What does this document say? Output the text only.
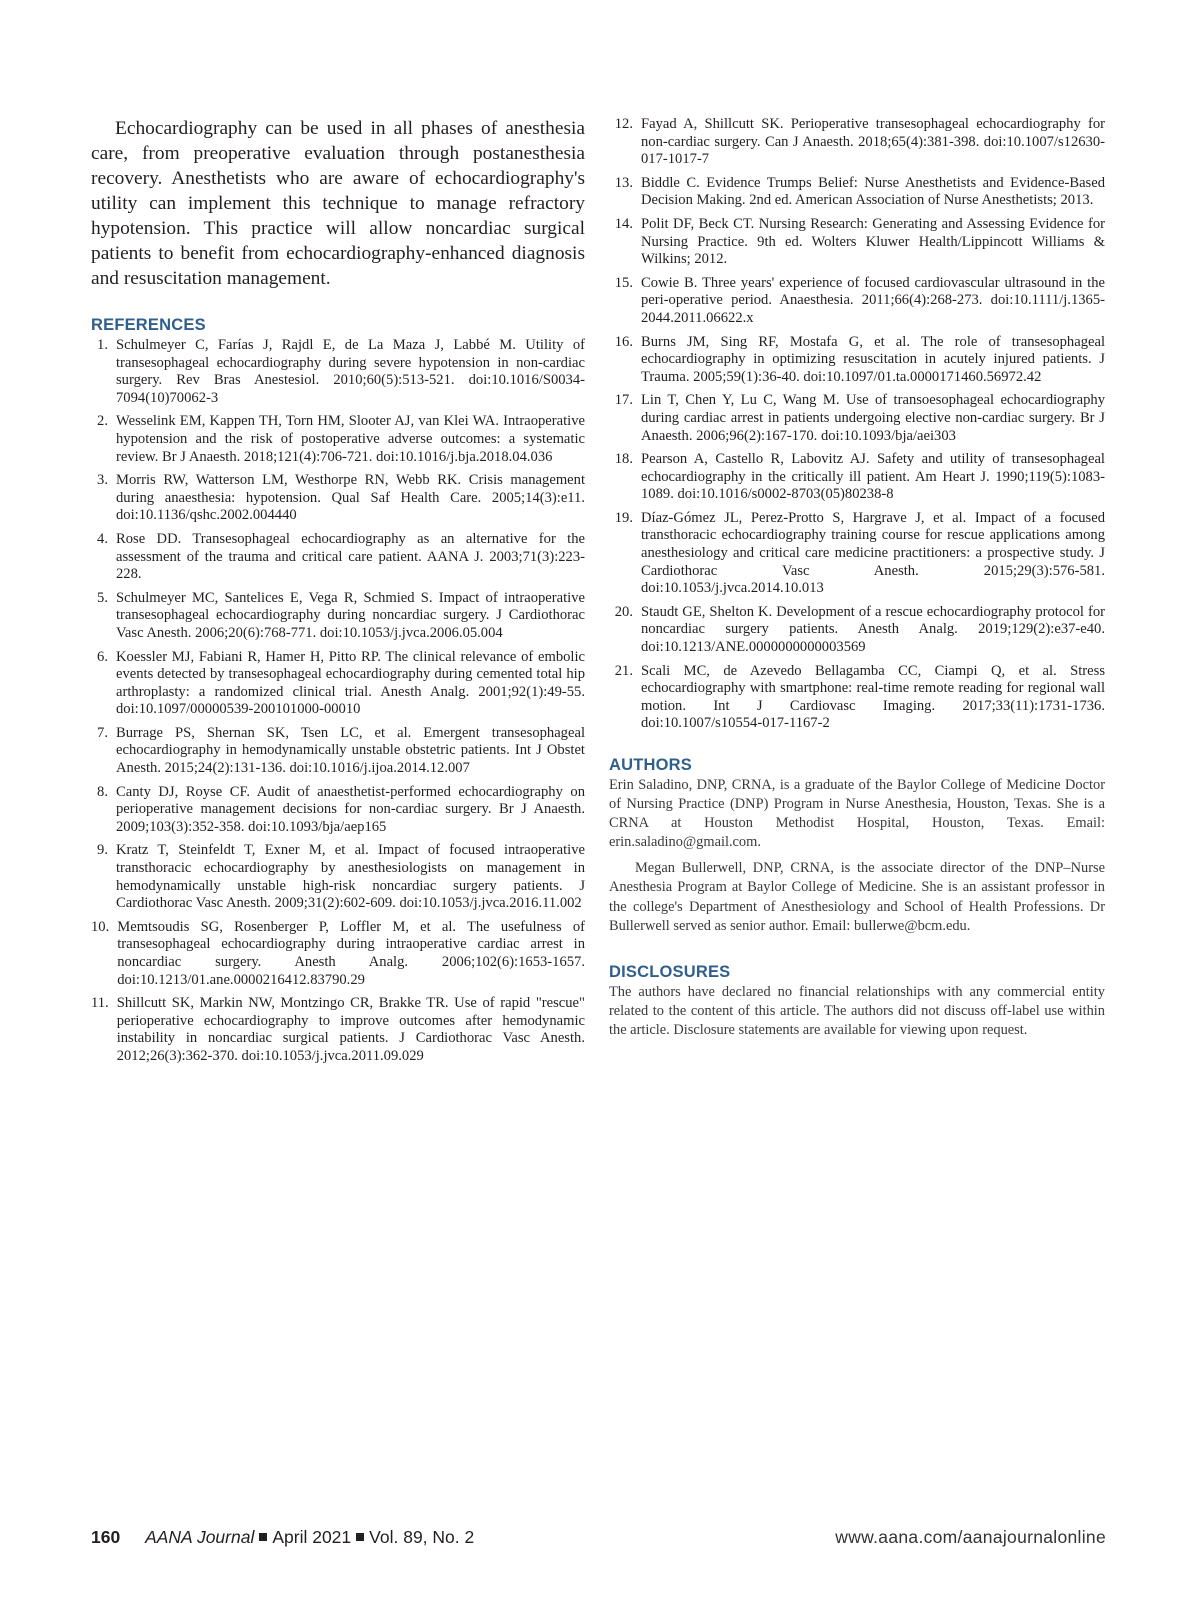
Echocardiography can be used in all phases of anesthesia care, from preoperative evaluation through postanesthesia recovery. Anesthetists who are aware of echocardiography's utility can implement this technique to manage refractory hypotension. This practice will allow noncardiac surgical patients to benefit from echocardiography-enhanced diagnosis and resuscitation management.

REFERENCES
1. Schulmeyer C, Farías J, Rajdl E, de La Maza J, Labbé M. Utility of transesophageal echocardiography during severe hypotension in non-cardiac surgery. Rev Bras Anestesiol. 2010;60(5):513-521. doi:10.1016/S0034-7094(10)70062-3
2. Wesselink EM, Kappen TH, Torn HM, Slooter AJ, van Klei WA. Intraoperative hypotension and the risk of postoperative adverse outcomes: a systematic review. Br J Anaesth. 2018;121(4):706-721. doi:10.1016/j.bja.2018.04.036
3. Morris RW, Watterson LM, Westhorpe RN, Webb RK. Crisis management during anaesthesia: hypotension. Qual Saf Health Care. 2005;14(3):e11. doi:10.1136/qshc.2002.004440
4. Rose DD. Transesophageal echocardiography as an alternative for the assessment of the trauma and critical care patient. AANA J. 2003;71(3):223-228.
5. Schulmeyer MC, Santelices E, Vega R, Schmied S. Impact of intraoperative transesophageal echocardiography during noncardiac surgery. J Cardiothorac Vasc Anesth. 2006;20(6):768-771. doi:10.1053/j.jvca.2006.05.004
6. Koessler MJ, Fabiani R, Hamer H, Pitto RP. The clinical relevance of embolic events detected by transesophageal echocardiography during cemented total hip arthroplasty: a randomized clinical trial. Anesth Analg. 2001;92(1):49-55. doi:10.1097/00000539-200101000-00010
7. Burrage PS, Shernan SK, Tsen LC, et al. Emergent transesophageal echocardiography in hemodynamically unstable obstetric patients. Int J Obstet Anesth. 2015;24(2):131-136. doi:10.1016/j.ijoa.2014.12.007
8. Canty DJ, Royse CF. Audit of anaesthetist-performed echocardiography on perioperative management decisions for non-cardiac surgery. Br J Anaesth. 2009;103(3):352-358. doi:10.1093/bja/aep165
9. Kratz T, Steinfeldt T, Exner M, et al. Impact of focused intraoperative transthoracic echocardiography by anesthesiologists on management in hemodynamically unstable high-risk noncardiac surgery patients. J Cardiothorac Vasc Anesth. 2009;31(2):602-609. doi:10.1053/j.jvca.2016.11.002
10. Memtsoudis SG, Rosenberger P, Loffler M, et al. The usefulness of transesophageal echocardiography during intraoperative cardiac arrest in noncardiac surgery. Anesth Analg. 2006;102(6):1653-1657. doi:10.1213/01.ane.0000216412.83790.29
11. Shillcutt SK, Markin NW, Montzingo CR, Brakke TR. Use of rapid "rescue" perioperative echocardiography to improve outcomes after hemodynamic instability in noncardiac surgical patients. J Cardiothorac Vasc Anesth. 2012;26(3):362-370. doi:10.1053/j.jvca.2011.09.029
12. Fayad A, Shillcutt SK. Perioperative transesophageal echocardiography for non-cardiac surgery. Can J Anaesth. 2018;65(4):381-398. doi:10.1007/s12630-017-1017-7
13. Biddle C. Evidence Trumps Belief: Nurse Anesthetists and Evidence-Based Decision Making. 2nd ed. American Association of Nurse Anesthetists; 2013.
14. Polit DF, Beck CT. Nursing Research: Generating and Assessing Evidence for Nursing Practice. 9th ed. Wolters Kluwer Health/Lippincott Williams & Wilkins; 2012.
15. Cowie B. Three years' experience of focused cardiovascular ultrasound in the peri-operative period. Anaesthesia. 2011;66(4):268-273. doi:10.1111/j.1365-2044.2011.06622.x
16. Burns JM, Sing RF, Mostafa G, et al. The role of transesophageal echocardiography in optimizing resuscitation in acutely injured patients. J Trauma. 2005;59(1):36-40. doi:10.1097/01.ta.0000171460.56972.42
17. Lin T, Chen Y, Lu C, Wang M. Use of transoesophageal echocardiography during cardiac arrest in patients undergoing elective non-cardiac surgery. Br J Anaesth. 2006;96(2):167-170. doi:10.1093/bja/aei303
18. Pearson A, Castello R, Labovitz AJ. Safety and utility of transesophageal echocardiography in the critically ill patient. Am Heart J. 1990;119(5):1083-1089. doi:10.1016/s0002-8703(05)80238-8
19. Díaz-Gómez JL, Perez-Protto S, Hargrave J, et al. Impact of a focused transthoracic echocardiography training course for rescue applications among anesthesiology and critical care medicine practitioners: a prospective study. J Cardiothorac Vasc Anesth. 2015;29(3):576-581. doi:10.1053/j.jvca.2014.10.013
20. Staudt GE, Shelton K. Development of a rescue echocardiography protocol for noncardiac surgery patients. Anesth Analg. 2019;129(2):e37-e40. doi:10.1213/ANE.0000000000003569
21. Scali MC, de Azevedo Bellagamba CC, Ciampi Q, et al. Stress echocardiography with smartphone: real-time remote reading for regional wall motion. Int J Cardiovasc Imaging. 2017;33(11):1731-1736. doi:10.1007/s10554-017-1167-2
AUTHORS

Erin Saladino, DNP, CRNA, is a graduate of the Baylor College of Medicine Doctor of Nursing Practice (DNP) Program in Nurse Anesthesia, Houston, Texas. She is a CRNA at Houston Methodist Hospital, Houston, Texas. Email: erin.saladino@gmail.com.

Megan Bullerwell, DNP, CRNA, is the associate director of the DNP–Nurse Anesthesia Program at Baylor College of Medicine. She is an assistant professor in the college's Department of Anesthesiology and School of Health Professions. Dr Bullerwell served as senior author. Email: bullerwe@bcm.edu.

DISCLOSURES

The authors have declared no financial relationships with any commercial entity related to the content of this article. The authors did not discuss off-label use within the article. Disclosure statements are available for viewing upon request.

160 AANA Journal April 2021 Vol. 89, No. 2	www.aana.com/aanajournalonline
